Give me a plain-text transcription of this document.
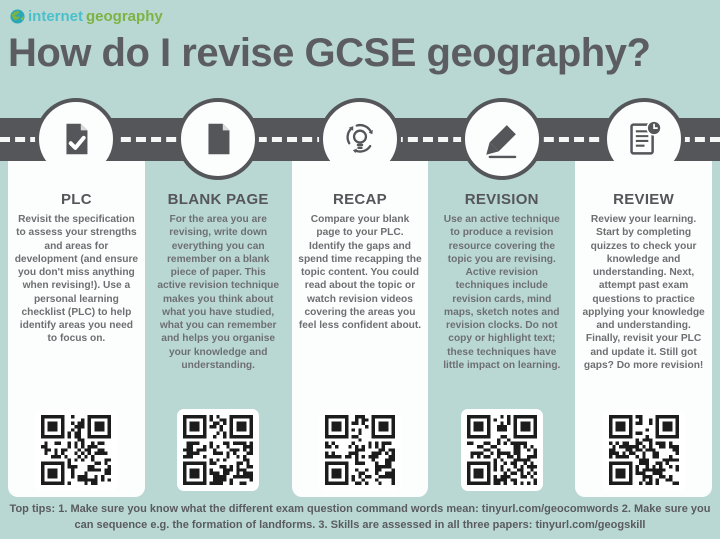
internet geography
How do I revise GCSE geography?
PLC
Revisit the specification to assess your strengths and areas for development (and ensure you don't miss anything when revising!). Use a personal learning checklist (PLC) to help identify areas you need to focus on.
BLANK PAGE
For the area you are revising, write down everything you can remember on a blank piece of paper. This active revision technique makes you think about what you have studied, what you can remember and helps you organise your knowledge and understanding.
RECAP
Compare your blank page to your PLC. Identify the gaps and spend time recapping the topic content. You could read about the topic or watch revision videos covering the areas you feel less confident about.
REVISION
Use an active technique to produce a revision resource covering the topic you are revising. Active revision techniques include revision cards, mind maps, sketch notes and revision clocks. Do not copy or highlight text; these techniques have little impact on learning.
REVIEW
Review your learning. Start by completing quizzes to check your knowledge and understanding. Next, attempt past exam questions to practice applying your knowledge and understanding. Finally, revisit your PLC and update it. Still got gaps? Do more revision!
Top tips: 1. Make sure you know what the different exam question command words mean: tinyurl.com/geocomwords 2. Make sure you can sequence e.g. the formation of landforms. 3. Skills are assessed in all three papers: tinyurl.com/geogskill
